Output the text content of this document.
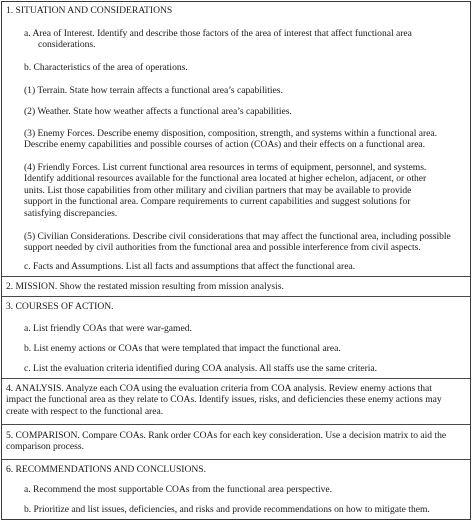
1. SITUATION AND CONSIDERATIONS

a. Area of Interest. Identify and describe those factors of the area of interest that affect functional area
considerations.

b. Characteristics of the area of operations.

(1) Terrain. State how terrain affects a functional area’s capabilities.

(2) Weather. State how weather affects a functional area’s capabilities.

(3) Enemy Forces. Describe enemy disposition, composition, strength, and systems within a functional area.
Describe enemy capabilities and possible courses of action (COAs) and their effects on a functional area.

(4) Friendly Forces. List current functional area resources in terms of equipment, personnel, and systems.
Identify additional resources available for the functional area located at higher echelon, adjacent, or other
units. List those capabilities from other military and civilian partners that may be available to provide
support in the functional area. Compare requirements to current capabilities and suggest solutions for
satisfying discrepancies.

(5) Civilian Considerations. Describe civil considerations that may affect the functional area, including possible
support needed by civil authorities from the functional area and possible interference from civil aspects.

c. Facts and Assumptions. List all facts and assumptions that affect the functional area.

2. MISSION. Show the restated mission resulting from mission analysis.

3. COURSES OF ACTION.

a. List friendly COAs that were war-gamed.

b. List enemy actions or COAs that were templated that impact the functional area.

c. List the evaluation criteria identified during COA analysis. All staffs use the same criteria.

4. ANALYSIS. Analyze each COA using the evaluation criteria from COA analysis. Review enemy actions that
impact the functional area as they relate to COAs. Identify issues, risks, and deficiencies these enemy actions may
create with respect to the functional area.

5. COMPARISON. Compare COAs. Rank order COAs for each key consideration. Use a decision matrix to aid the
comparison process.

6. RECOMMENDATIONS AND CONCLUSIONS.

a. Recommend the most supportable COAs from the functional area perspective.

b. Prioritize and list issues, deficiencies, and risks and provide recommendations on how to mitigate them.
